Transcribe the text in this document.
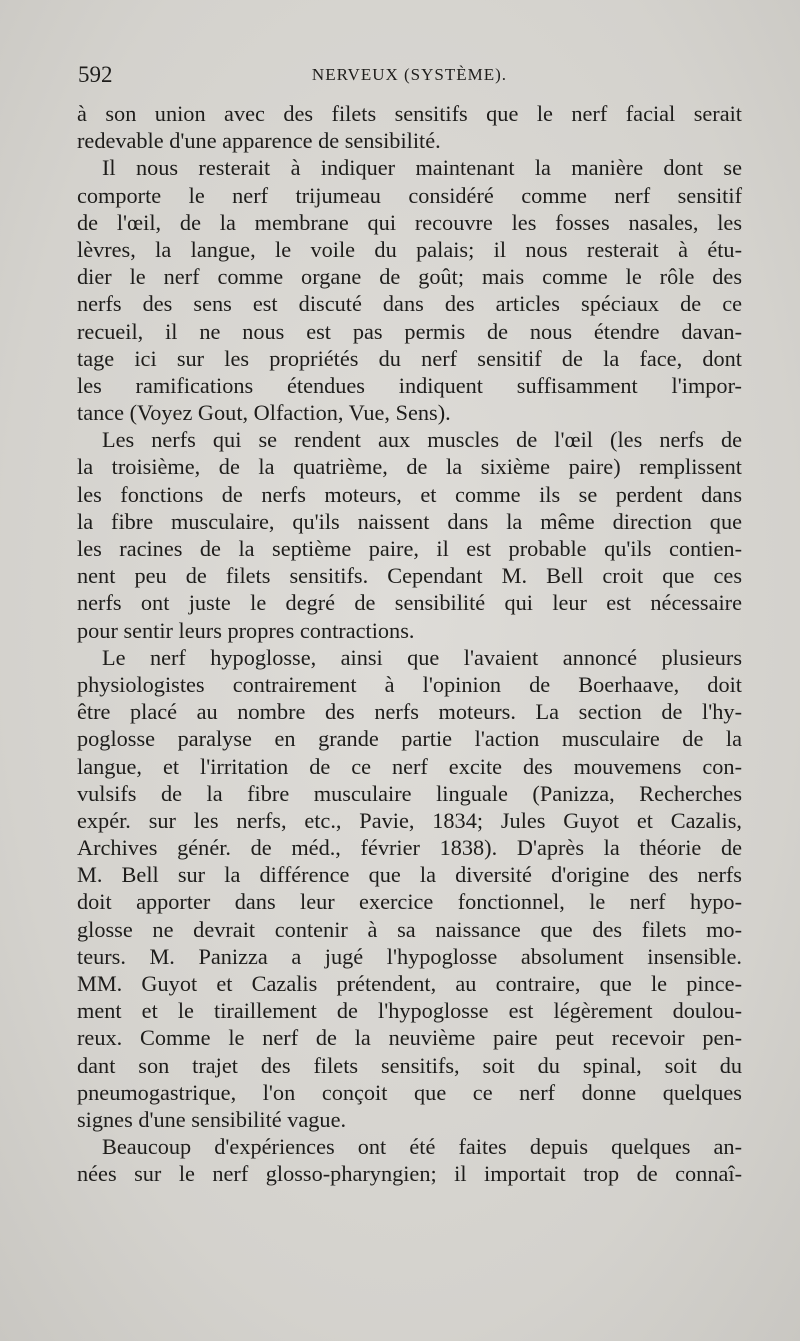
592	NERVEUX (SYSTÈME).
à son union avec des filets sensitifs que le nerf facial serait
redevable d'une apparence de sensibilité.
Il nous resterait à indiquer maintenant la manière dont se
comporte le nerf trijumeau considéré comme nerf sensitif
de l'œil, de la membrane qui recouvre les fosses nasales, les
lèvres, la langue, le voile du palais; il nous resterait à étu-
dier le nerf comme organe de goût; mais comme le rôle des
nerfs des sens est discuté dans des articles spéciaux de ce
recueil, il ne nous est pas permis de nous étendre davan-
tage ici sur les propriétés du nerf sensitif de la face, dont
les ramifications étendues indiquent suffisamment l'impor-
tance (Voyez Gout, Olfaction, Vue, Sens).
Les nerfs qui se rendent aux muscles de l'œil (les nerfs de
la troisième, de la quatrième, de la sixième paire) remplissent
les fonctions de nerfs moteurs, et comme ils se perdent dans
la fibre musculaire, qu'ils naissent dans la même direction que
les racines de la septième paire, il est probable qu'ils contien-
nent peu de filets sensitifs. Cependant M. Bell croit que ces
nerfs ont juste le degré de sensibilité qui leur est nécessaire
pour sentir leurs propres contractions.
Le nerf hypoglosse, ainsi que l'avaient annoncé plusieurs
physiologistes contrairement à l'opinion de Boerhaave, doit
être placé au nombre des nerfs moteurs. La section de l'hy-
poglosse paralyse en grande partie l'action musculaire de la
langue, et l'irritation de ce nerf excite des mouvemens con-
vulsifs de la fibre musculaire linguale (Panizza, Recherches
expér. sur les nerfs, etc., Pavie, 1834; Jules Guyot et Cazalis,
Archives génér. de méd., février 1838). D'après la théorie de
M. Bell sur la différence que la diversité d'origine des nerfs
doit apporter dans leur exercice fonctionnel, le nerf hypo-
glosse ne devrait contenir à sa naissance que des filets mo-
teurs. M. Panizza a jugé l'hypoglosse absolument insensible.
MM. Guyot et Cazalis prétendent, au contraire, que le pince-
ment et le tiraillement de l'hypoglosse est légèrement doulou-
reux. Comme le nerf de la neuvième paire peut recevoir pen-
dant son trajet des filets sensitifs, soit du spinal, soit du
pneumogastrique, l'on conçoit que ce nerf donne quelques
signes d'une sensibilité vague.
Beaucoup d'expériences ont été faites depuis quelques an-
nées sur le nerf glosso-pharyngien; il importait trop de connaî-
